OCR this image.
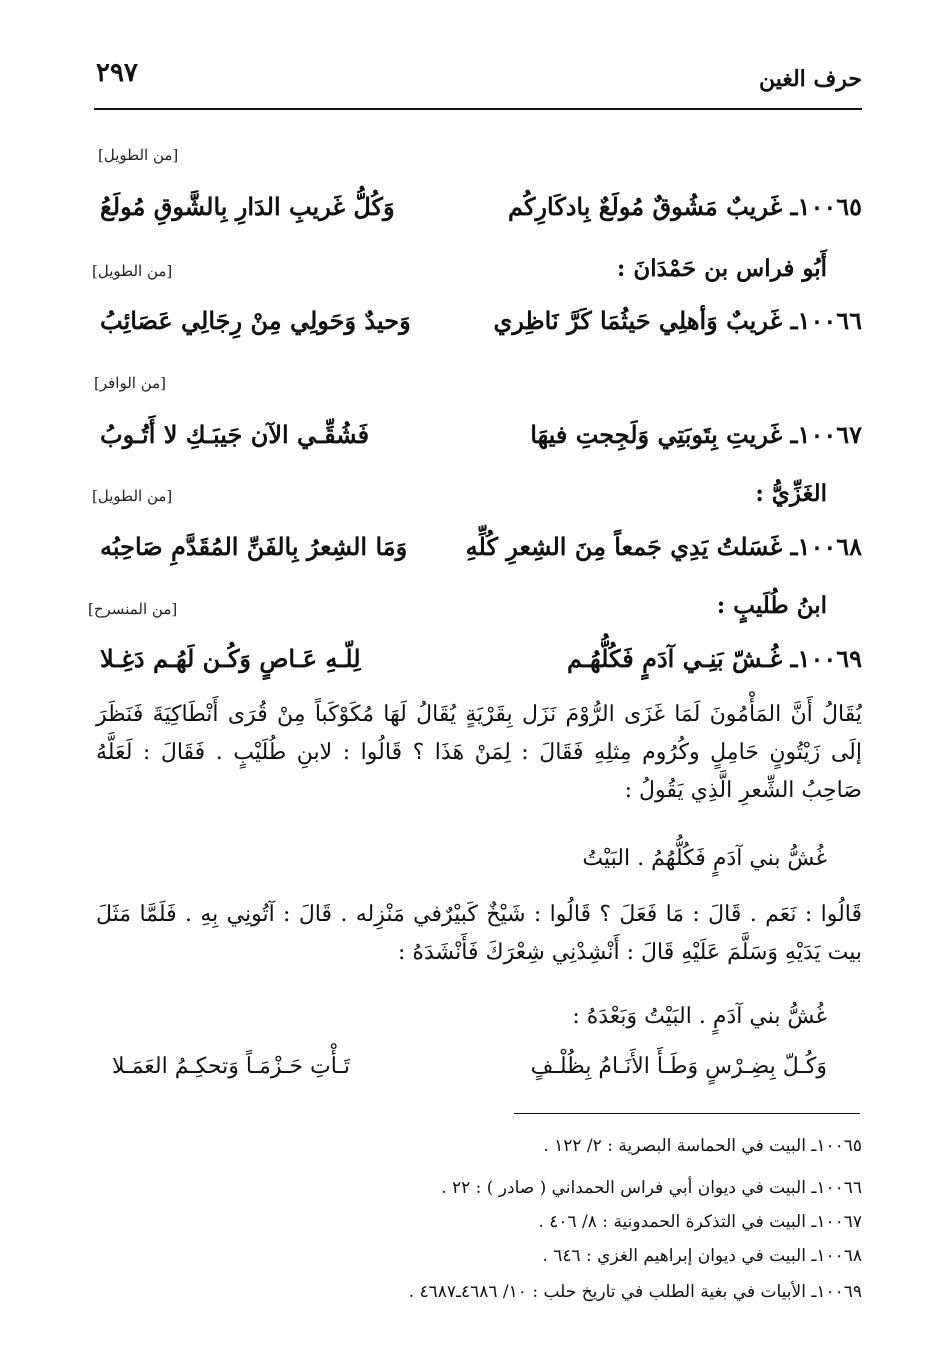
حرف الغين
٢٩٧
[من الطويل]
١٠٠٦٥ـ غَريبٌ مَشُوقٌ مُولَعٌ بِادكَارِكُم
وَكُلُّ غَريبِ الدَارِ بِالشَّوقِ مُولَعُ
أَبُو فراس بن حَمْدَانَ :
[من الطويل]
١٠٠٦٦ـ غَريبٌ وَأهلِي حَيثُمَا كَرَّ نَاظِري
وَحيدٌ وَحَولِي مِنْ رِجَالِي عَصَائِبُ
[من الوافر]
١٠٠٦٧ـ غَريتِ بِتَوبَتِي وَلَجِجتِ فيهَا
فَشُقِّـي الآن جَيبَـكِ لا أَتُـوبُ
الغَزِّيُّ :
[من الطويل]
١٠٠٦٨ـ غَسَلتُ يَدِي جَمعاً مِنَ الشِعرِ كُلِّهِ
وَمَا الشِعرُ بِالفَنِّ المُقَدَّمِ صَاحِبُه
ابنُ طُلَيبٍ :
[من المنسرح]
١٠٠٦٩ـ غُـشّ بَنِـي آدَمٍ فَكُلُّهُـم
لِلّـهِ عَـاصٍ وَكُـن لَهُـم دَغِـلا
يُقَالُ أَنَّ المَأْمُونَ لَمَا غَزَى الرُّوْمَ نَزَل بِقَرْيَةٍ يُقَالُ لَهَا مُكَوْكَباً مِنْ قُرَى أَنْطَاكِيَةَ فَنَظَرَ إلَى زَيْتُونٍ حَامِلٍ وكُرُوم مِثلِهِ فَقَالَ : لِمَنْ هَذَا ؟ قَالُوا : لابنِ طُلَيْبٍ . فَقَالَ : لَعَلَّهُ صَاحِبُ الشِّعرِ الَّذِي يَقُولُ :
غُشُّ بني آدَمٍ فَكُلُّهُمُ . البَيْتُ
قَالُوا : نَعَم . قَالَ : مَا فَعَلَ ؟ قَالُوا : شَيْخٌ كَبيْرٌفي مَنْزِله . قَالَ : آتُونِي بِهِ . فَلَمَّا مَثَلَ بيت يَدَيْهِ وَسَلَّمَ عَلَيْهِ قَالَ : أَنْشِدْنِي شِعْرَكَ فَأَنْشَدَهُ :
غُشُّ بني آدَمٍ . البَيْتُ وَبَعْدَهُ :
وَكُـلّ بِضِـرْسٍ وَطَـأَ الأَنَـامُ بِظُلْـفٍ
تَـأْتِ حَـزْمَـاً وَتحكِـمُ العَمَـلا
١٠٠٦٥ـ البيت في الحماسة البصرية : ٢/ ١٢٢ .
١٠٠٦٦ـ البيت في ديوان أبي فراس الحمداني ( صادر ) : ٢٢ .
١٠٠٦٧ـ البيت في التذكرة الحمدونية : ٨/ ٤٠٦ .
١٠٠٦٨ـ البيت في ديوان إبراهيم الغزي : ٦٤٦ .
١٠٠٦٩ـ الأبيات في بغية الطلب في تاريخ حلب : ١٠/ ٤٦٨٦ـ٤٦٨٧ .
